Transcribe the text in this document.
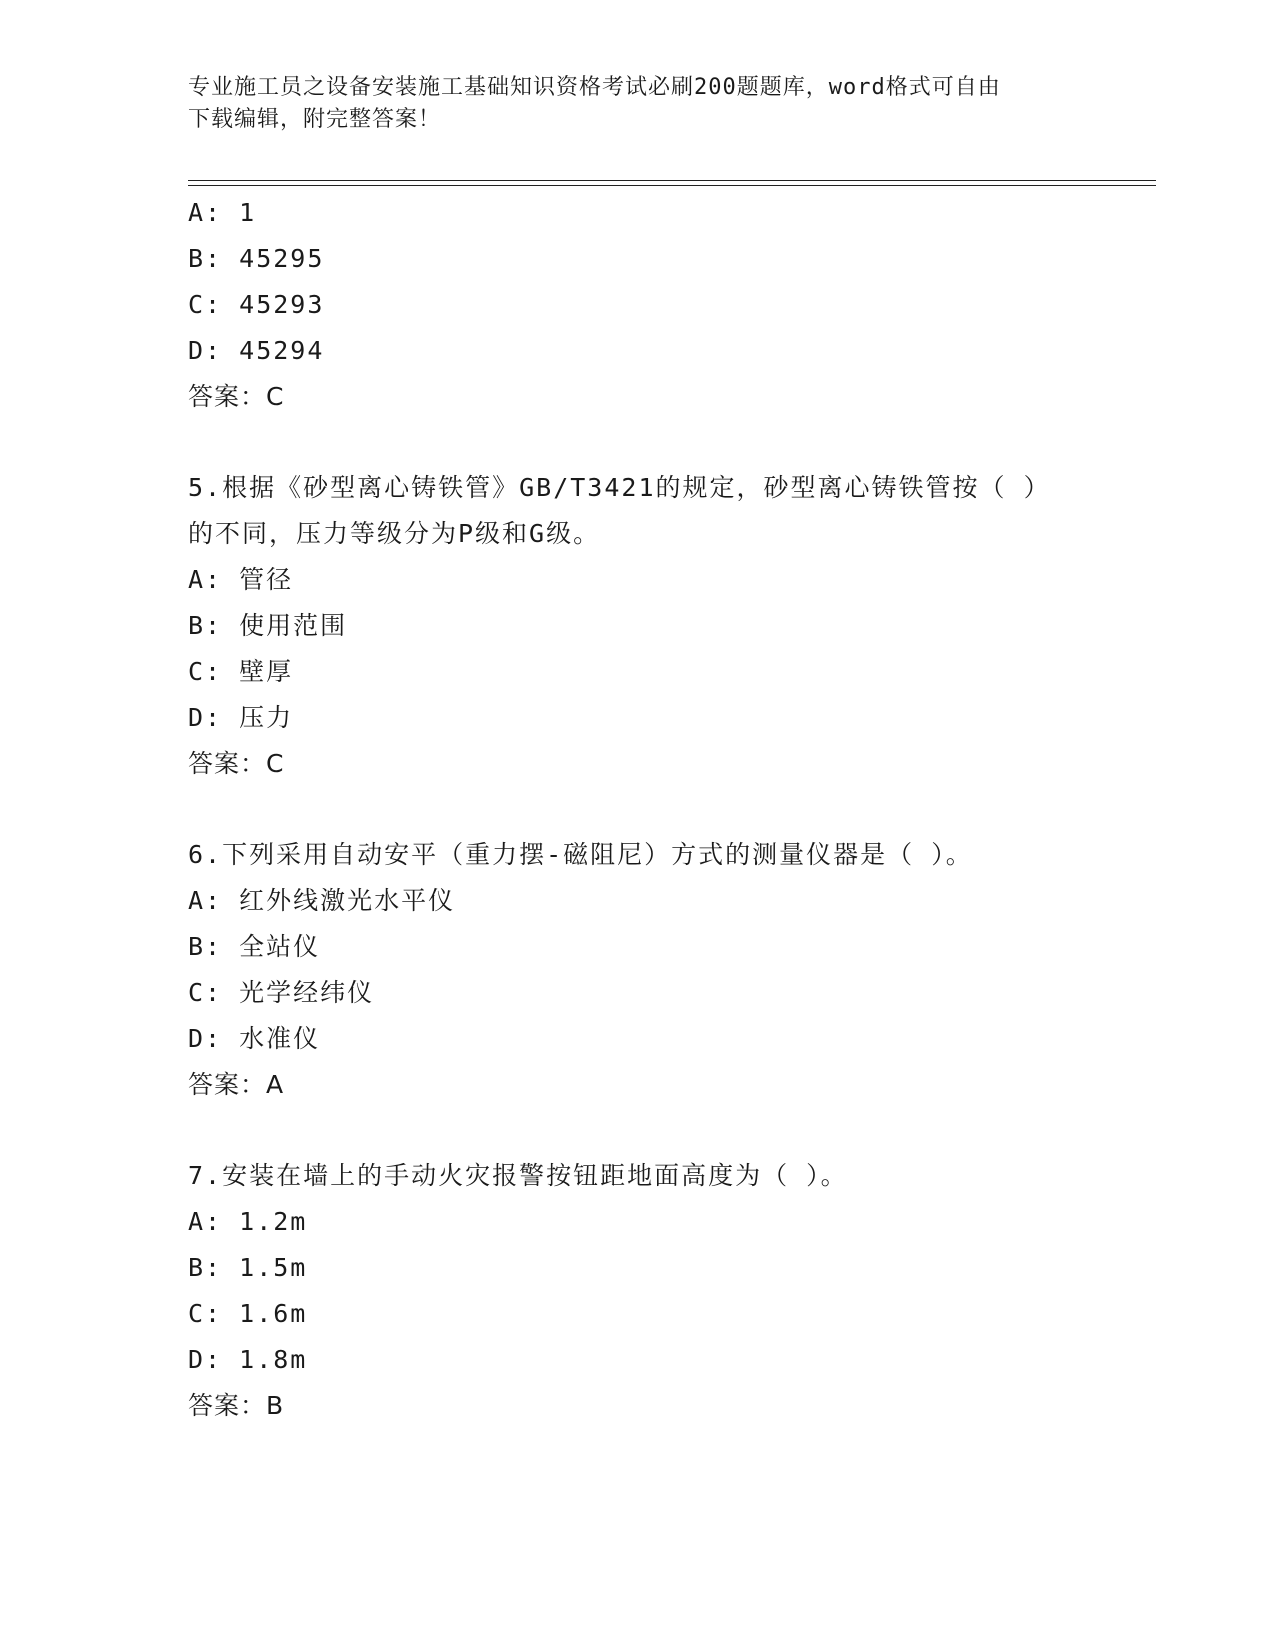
专业施工员之设备安装施工基础知识资格考试必刷200题题库，word格式可自由
下载编辑，附完整答案！
A: 1
B: 45295
C: 45293
D: 45294
答案：C
5.根据《砂型离心铸铁管》GB/T3421的规定，砂型离心铸铁管按（ ）
的不同，压力等级分为P级和G级。
A: 管径
B: 使用范围
C: 壁厚
D: 压力
答案：C
6.下列采用自动安平（重力摆-磁阻尼）方式的测量仪器是（ ）。
A: 红外线激光水平仪
B: 全站仪
C: 光学经纬仪
D: 水准仪
答案：A
7.安装在墙上的手动火灾报警按钮距地面高度为（ ）。
A: 1.2m
B: 1.5m
C: 1.6m
D: 1.8m
答案：B
